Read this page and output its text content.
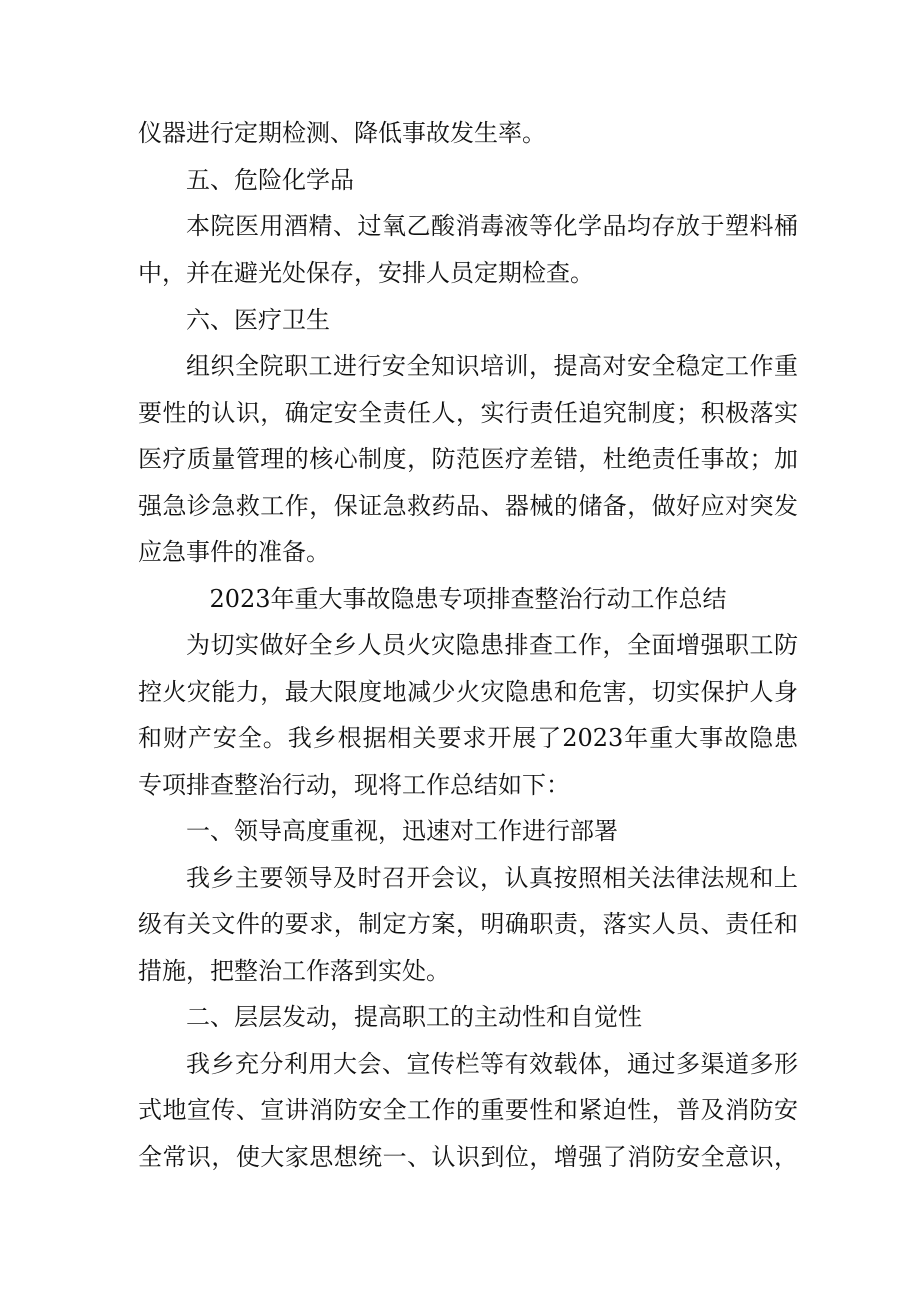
仪器进行定期检测、降低事故发生率。
五、危险化学品
本院医用酒精、过氧乙酸消毒液等化学品均存放于塑料桶
中，并在避光处保存，安排人员定期检查。
六、医疗卫生
组织全院职工进行安全知识培训，提高对安全稳定工作重
要性的认识，确定安全责任人，实行责任追究制度；积极落实
医疗质量管理的核心制度，防范医疗差错，杜绝责任事故；加
强急诊急救工作，保证急救药品、器械的储备，做好应对突发
应急事件的准备。
2023年重大事故隐患专项排查整治行动工作总结
为切实做好全乡人员火灾隐患排查工作，全面增强职工防
控火灾能力，最大限度地减少火灾隐患和危害，切实保护人身
和财产安全。我乡根据相关要求开展了2023年重大事故隐患
专项排查整治行动，现将工作总结如下：
一、领导高度重视，迅速对工作进行部署
我乡主要领导及时召开会议，认真按照相关法律法规和上
级有关文件的要求，制定方案，明确职责，落实人员、责任和
措施，把整治工作落到实处。
二、层层发动，提高职工的主动性和自觉性
我乡充分利用大会、宣传栏等有效载体，通过多渠道多形
式地宣传、宣讲消防安全工作的重要性和紧迫性，普及消防安
全常识，使大家思想统一、认识到位，增强了消防安全意识，
